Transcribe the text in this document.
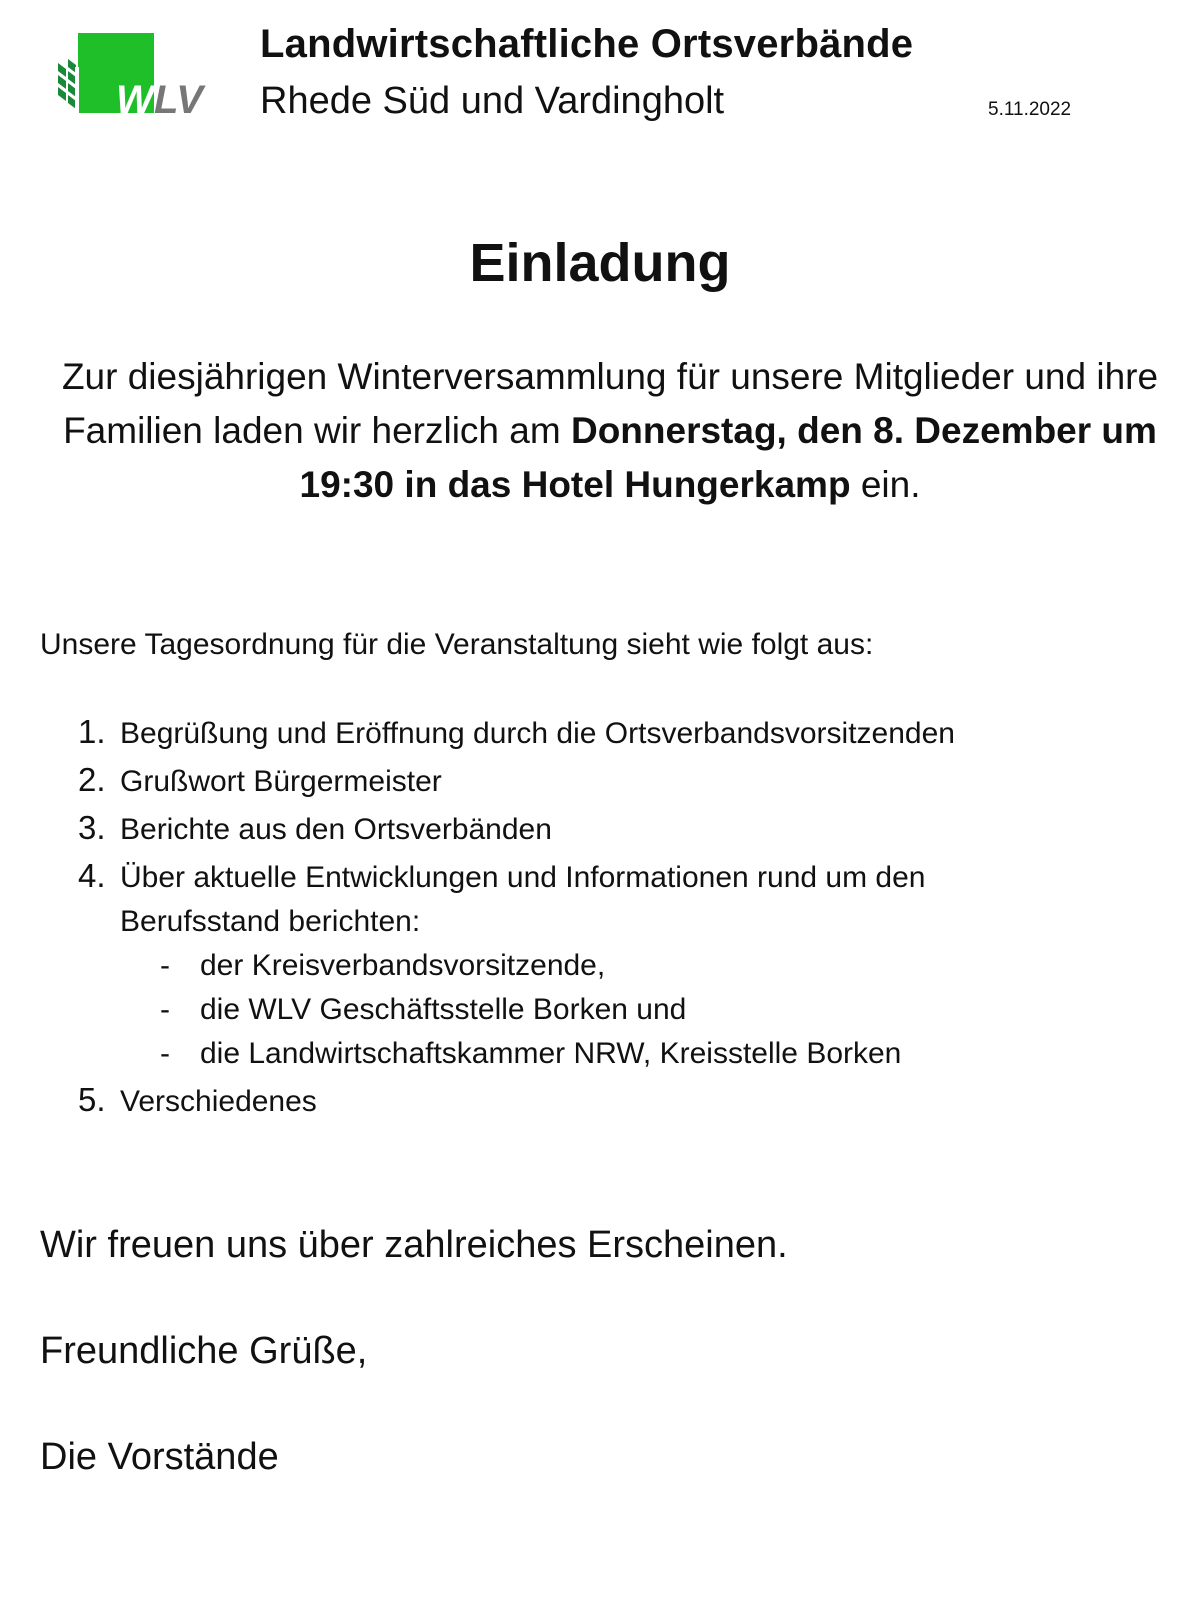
W LV
Landwirtschaftliche Ortsverbände
Rhede Süd und Vardingholt	5.11.2022
Einladung
Zur diesjährigen Winterversammlung für unsere Mitglieder und ihre Familien laden wir herzlich am Donnerstag, den 8. Dezember um 19:30 in das Hotel Hungerkamp ein.
Unsere Tagesordnung für die Veranstaltung sieht wie folgt aus:
1. Begrüßung und Eröffnung durch die Ortsverbandsvorsitzenden
2. Grußwort Bürgermeister
3. Berichte aus den Ortsverbänden
4. Über aktuelle Entwicklungen und Informationen rund um den Berufsstand berichten:
- der Kreisverbandsvorsitzende,
- die WLV Geschäftsstelle Borken und
- die Landwirtschaftskammer NRW, Kreisstelle Borken
5. Verschiedenes
Wir freuen uns über zahlreiches Erscheinen.
Freundliche Grüße,
Die Vorstände
